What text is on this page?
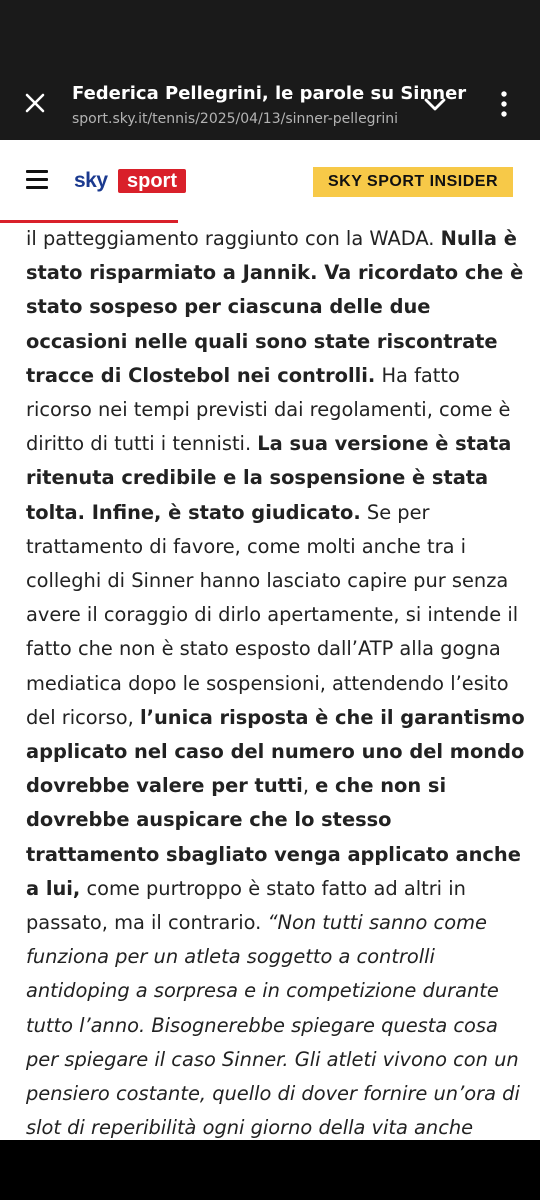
Federica Pellegrini, le parole su Sinner
sport.sky.it/tennis/2025/04/13/sinner-pellegrini
sky sport	SKY SPORT INSIDER

il patteggiamento raggiunto con la WADA. Nulla è stato risparmiato a Jannik. Va ricordato che è stato sospeso per ciascuna delle due occasioni nelle quali sono state riscontrate tracce di Clostebol nei controlli. Ha fatto ricorso nei tempi previsti dai regolamenti, come è diritto di tutti i tennisti. La sua versione è stata ritenuta credibile e la sospensione è stata tolta. Infine, è stato giudicato. Se per trattamento di favore, come molti anche tra i colleghi di Sinner hanno lasciato capire pur senza avere il coraggio di dirlo apertamente, si intende il fatto che non è stato esposto dall’ATP alla gogna mediatica dopo le sospensioni, attendendo l’esito del ricorso, l’unica risposta è che il garantismo applicato nel caso del numero uno del mondo dovrebbe valere per tutti, e che non si dovrebbe auspicare che lo stesso trattamento sbagliato venga applicato anche a lui, come purtroppo è stato fatto ad altri in passato, ma il contrario. “Non tutti sanno come funziona per un atleta soggetto a controlli antidoping a sorpresa e in competizione durante tutto l’anno. Bisognerebbe spiegare questa cosa per spiegare il caso Sinner. Gli atleti vivono con un pensiero costante, quello di dover fornire un’ora di slot di reperibilità ogni giorno della vita anche
